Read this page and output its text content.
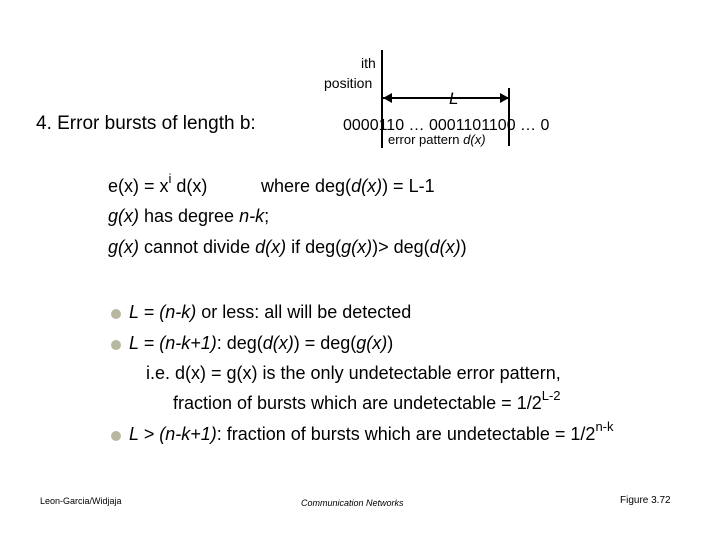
ith
position
L
4. Error bursts of length b:	0000110 … 0001101100 … 0
error pattern d(x)
$e(x) = x^i$ d(x)	where deg(d(x)) = L-1
g(x) has degree n-k;
g(x) cannot divide d(x) if deg(g(x))> deg(d(x))
L = (n-k) or less: all will be detected
L = (n-k+1): deg(d(x)) = deg(g(x))
i.e. d(x) = g(x) is the only undetectable error pattern,
fraction of bursts which are undetectable = $1/2^{L-2}$
L > (n-k+1): fraction of bursts which are undetectable = $1/2^{n-k}$
Leon-Garcia/Widjaja	Communication Networks	Figure 3.72
